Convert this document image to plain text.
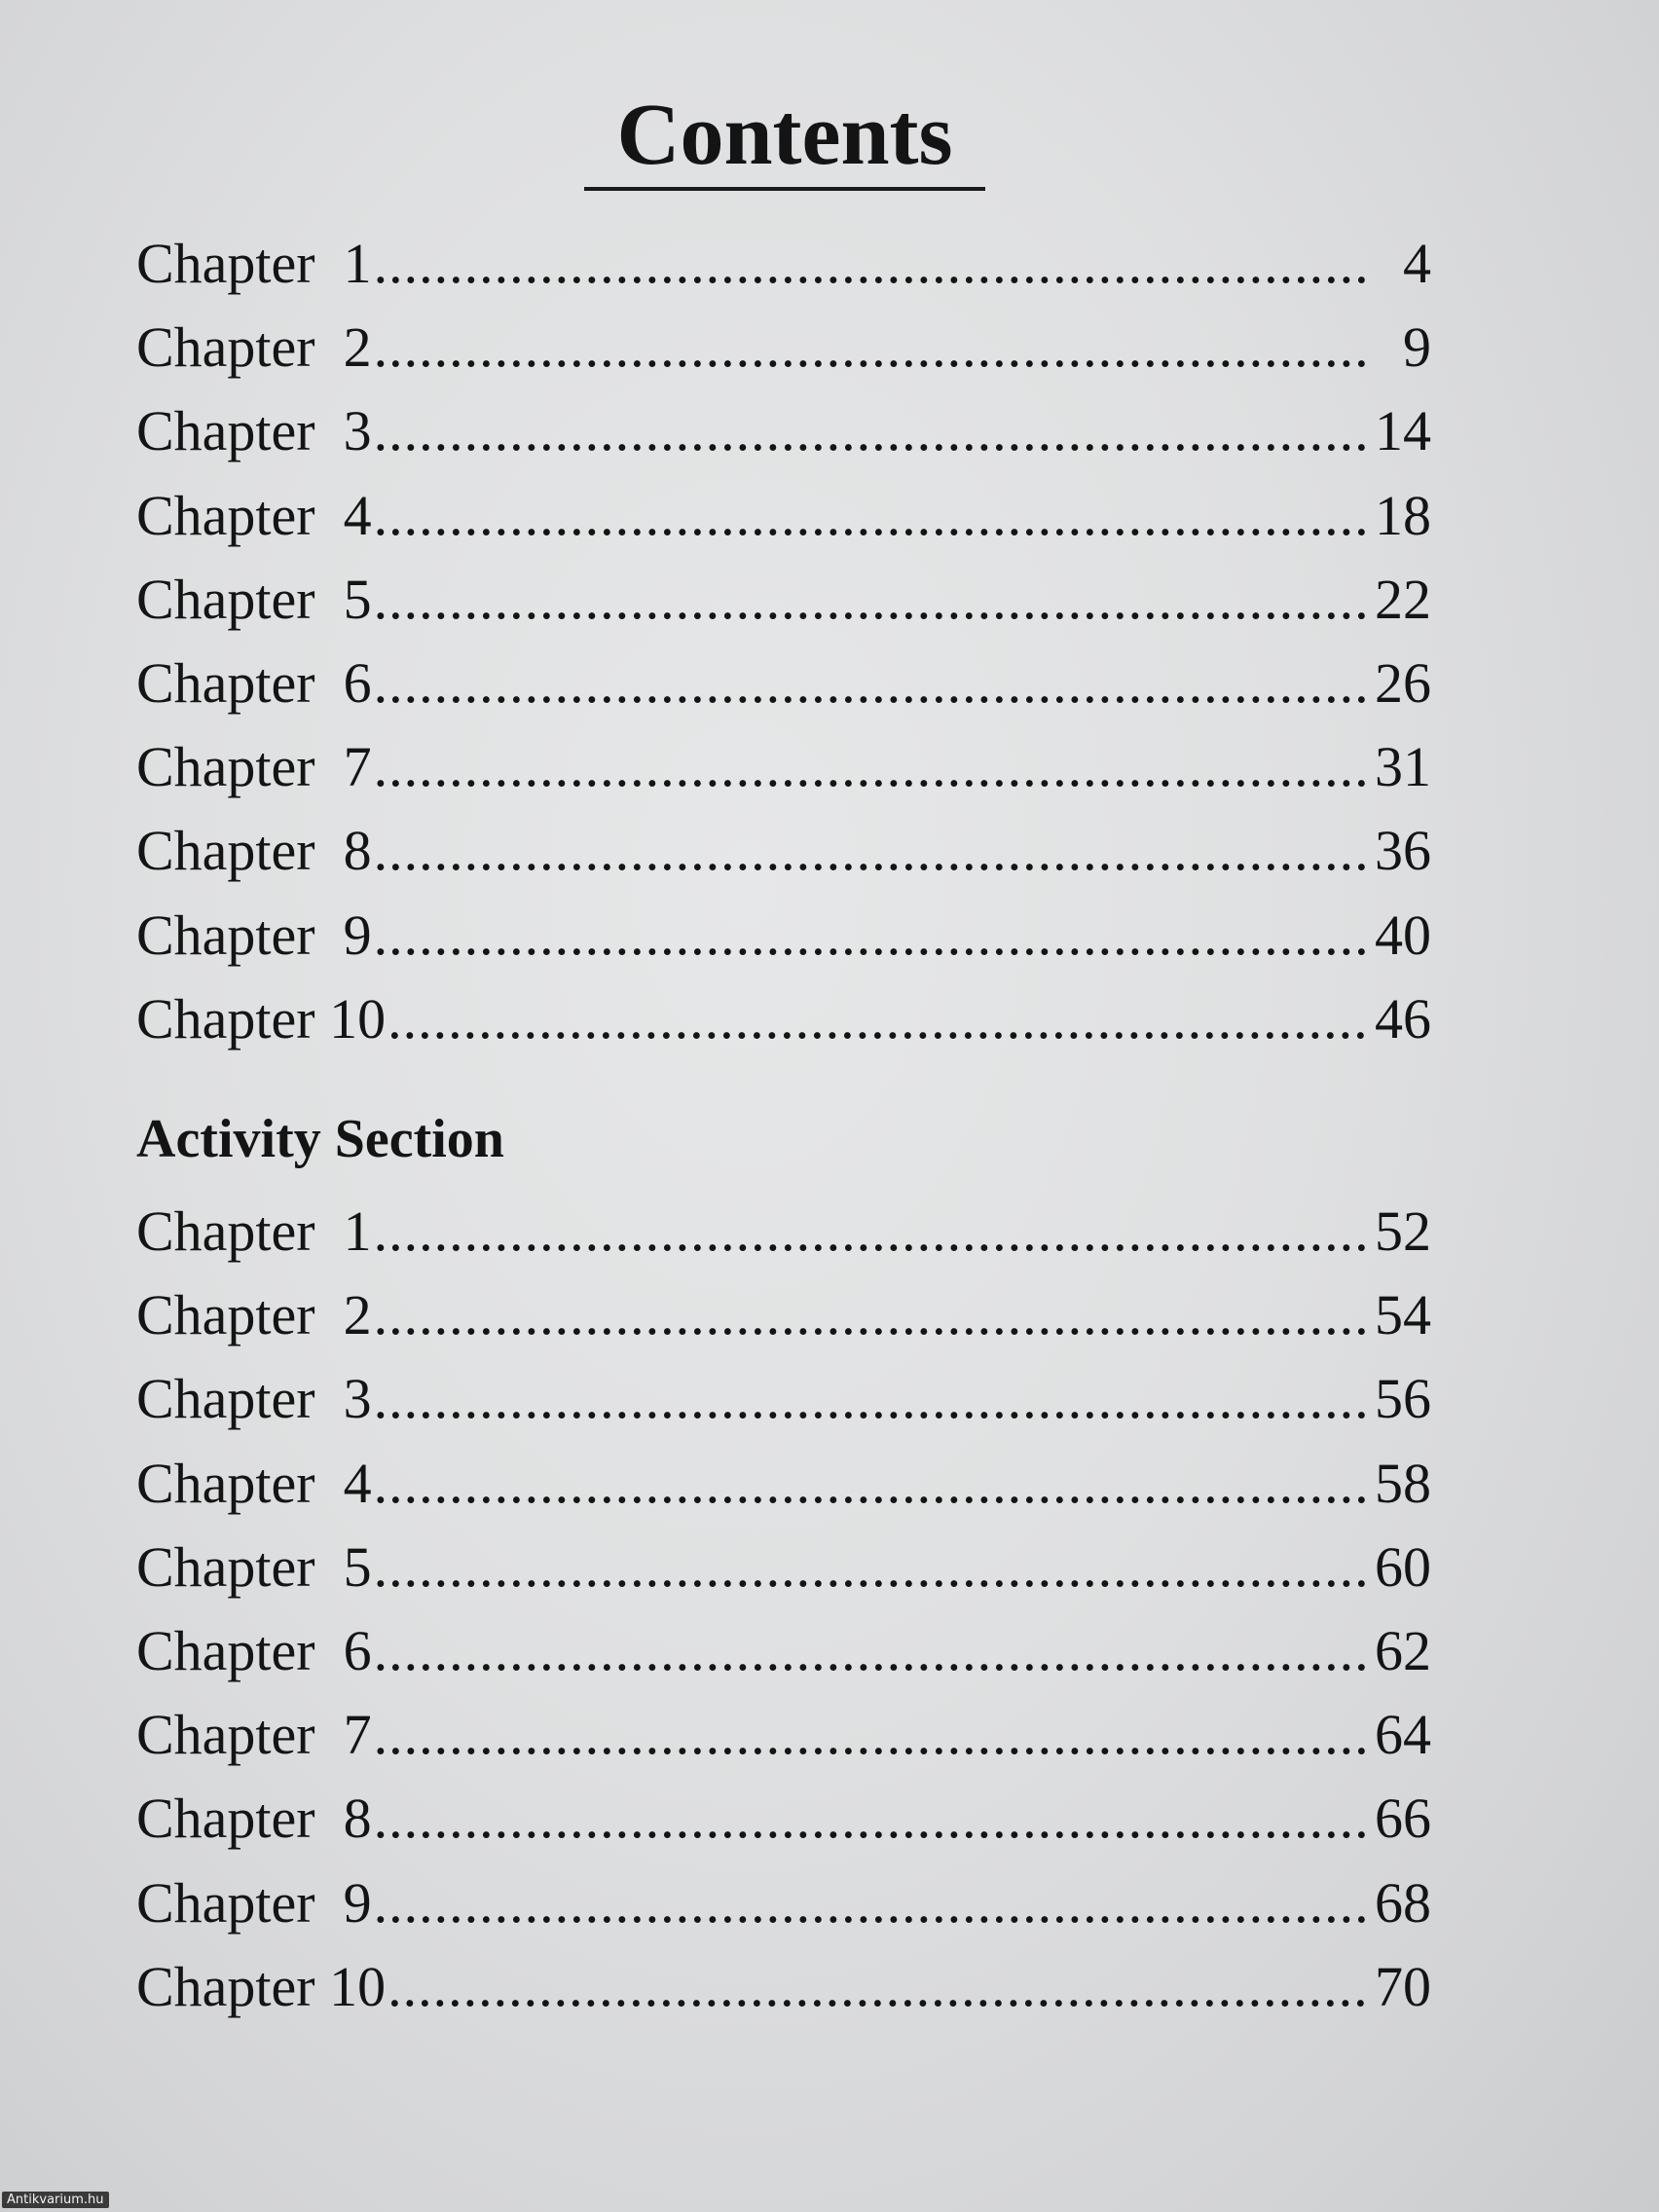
Contents
Chapter  1 .....	4
Chapter  2 .....	9
Chapter  3 .....	14
Chapter  4 .....	18
Chapter  5 .....	22
Chapter  6 .....	26
Chapter  7 .....	31
Chapter  8 .....	36
Chapter  9 .....	40
Chapter 10 .....	46
Activity Section
Chapter  1 .....	52
Chapter  2 .....	54
Chapter  3 .....	56
Chapter  4 .....	58
Chapter  5 .....	60
Chapter  6 .....	62
Chapter  7 .....	64
Chapter  8 .....	66
Chapter  9 .....	68
Chapter 10 .....	70
Antikvarium.hu
